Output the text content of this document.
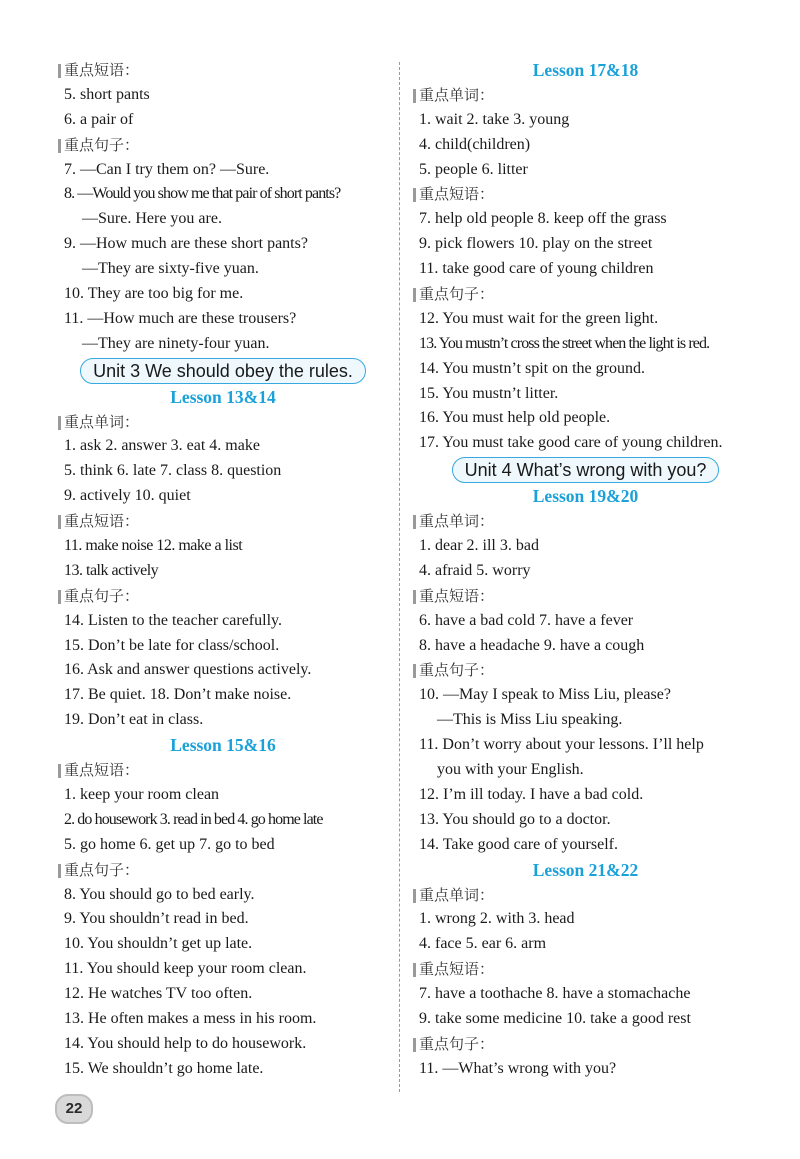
重点短语：
5. short pants
6. a pair of
重点句子：
7. —Can I try them on? —Sure.
8. —Would you show me that pair of short pants?
—Sure. Here you are.
9. —How much are these short pants?
—They are sixty-five yuan.
10. They are too big for me.
11. —How much are these trousers?
—They are ninety-four yuan.
Unit 3 We should obey the rules.
Lesson 13&14
重点单词：
1. ask 2. answer 3. eat 4. make
5. think 6. late 7. class 8. question
9. actively 10. quiet
重点短语：
11. make noise 12. make a list
13. talk actively
重点句子：
14. Listen to the teacher carefully.
15. Don’t be late for class/school.
16. Ask and answer questions actively.
17. Be quiet. 18. Don’t make noise.
19. Don’t eat in class.
Lesson 15&16
重点短语：
1. keep your room clean
2. do housework 3. read in bed 4. go home late
5. go home 6. get up 7. go to bed
重点句子：
8. You should go to bed early.
9. You shouldn’t read in bed.
10. You shouldn’t get up late.
11. You should keep your room clean.
12. He watches TV too often.
13. He often makes a mess in his room.
14. You should help to do housework.
15. We shouldn’t go home late.
Lesson 17&18
重点单词：
1. wait 2. take 3. young
4. child(children)
5. people 6. litter
重点短语：
7. help old people 8. keep off the grass
9. pick flowers 10. play on the street
11. take good care of young children
重点句子：
12. You must wait for the green light.
13. You mustn’t cross the street when the light is red.
14. You mustn’t spit on the ground.
15. You mustn’t litter.
16. You must help old people.
17. You must take good care of young children.
Unit 4 What’s wrong with you?
Lesson 19&20
重点单词：
1. dear 2. ill 3. bad
4. afraid 5. worry
重点短语：
6. have a bad cold 7. have a fever
8. have a headache 9. have a cough
重点句子：
10. —May I speak to Miss Liu, please?
—This is Miss Liu speaking.
11. Don’t worry about your lessons. I’ll help
you with your English.
12. I’m ill today. I have a bad cold.
13. You should go to a doctor.
14. Take good care of yourself.
Lesson 21&22
重点单词：
1. wrong 2. with 3. head
4. face 5. ear 6. arm
重点短语：
7. have a toothache 8. have a stomachache
9. take some medicine 10. take a good rest
重点句子：
11. —What’s wrong with you?
22
